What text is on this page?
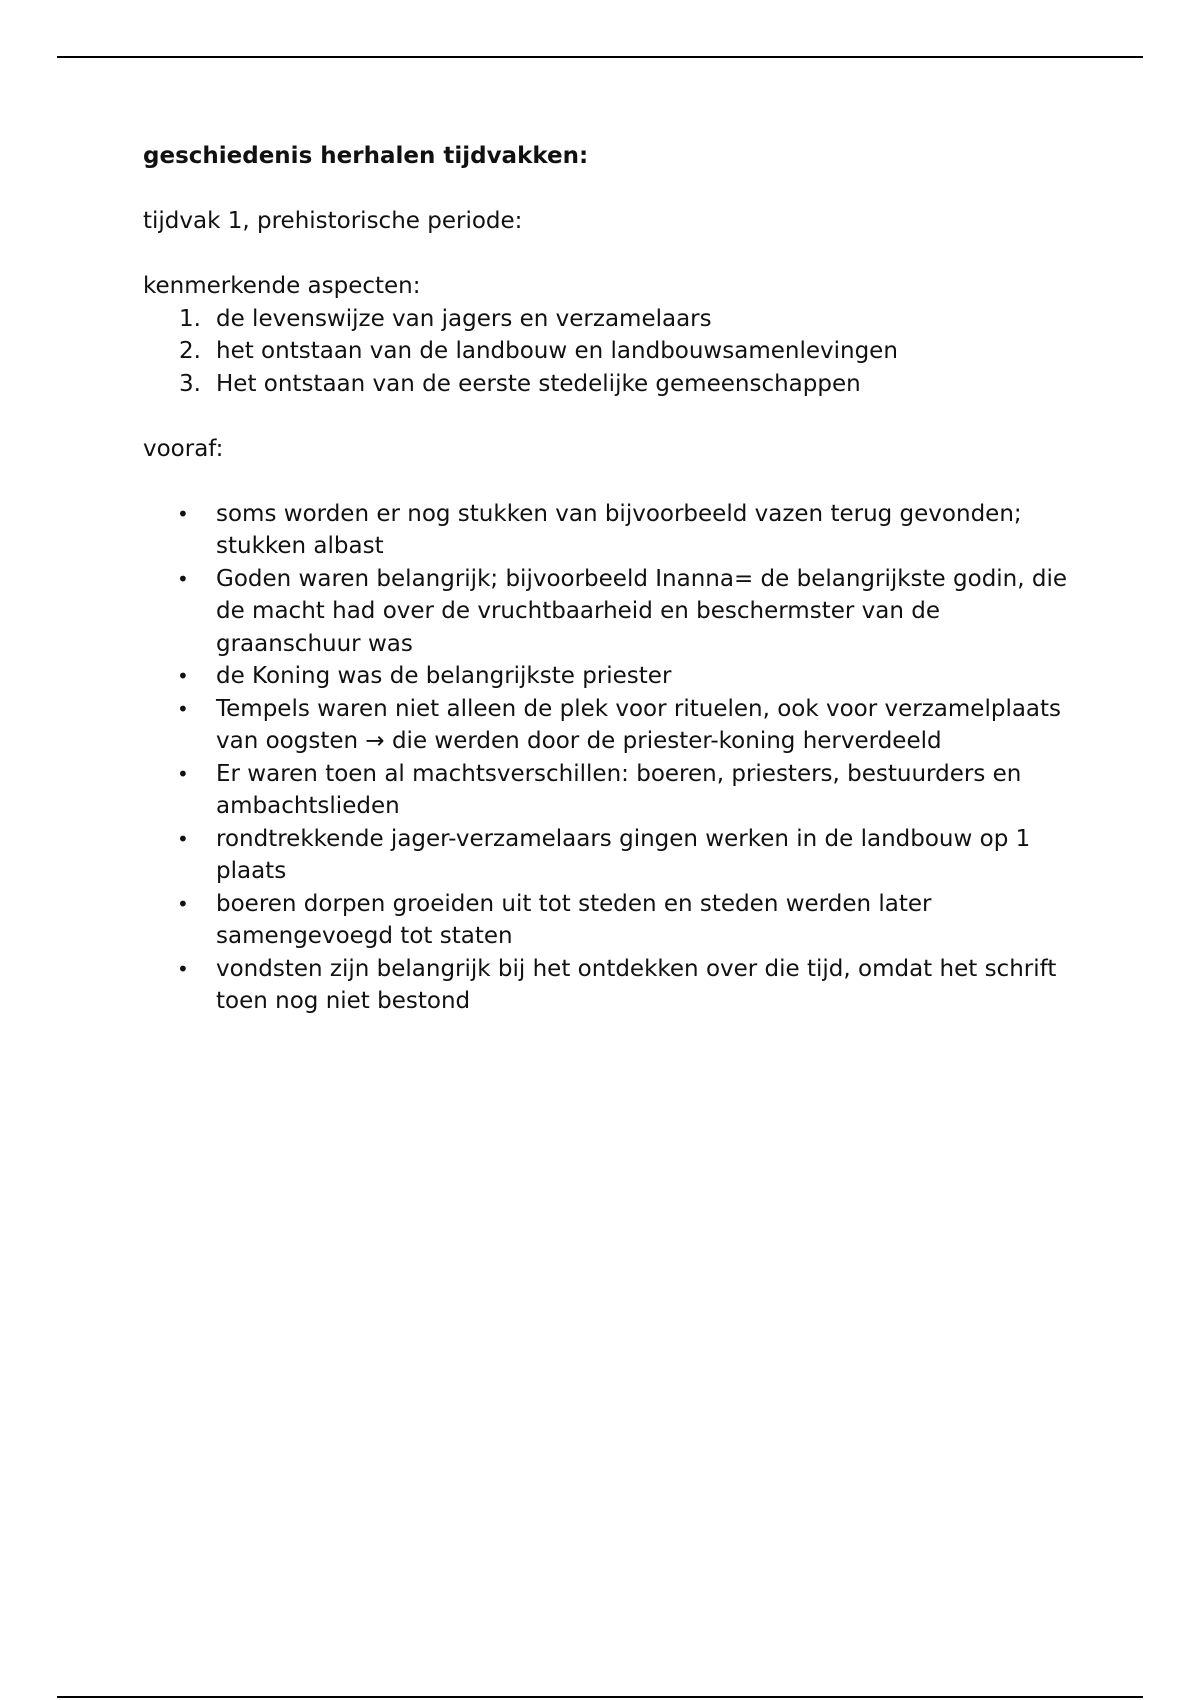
geschiedenis herhalen tijdvakken:

tijdvak 1, prehistorische periode:

kenmerkende aspecten:

1. de levenswijze van jagers en verzamelaars
2. het ontstaan van de landbouw en landbouwsamenlevingen
3. Het ontstaan van de eerste stedelijke gemeenschappen

vooraf:

• soms worden er nog stukken van bijvoorbeeld vazen terug gevonden; stukken albast
• Goden waren belangrijk; bijvoorbeeld Inanna= de belangrijkste godin, die de macht had over de vruchtbaarheid en beschermster van de graanschuur was
• de Koning was de belangrijkste priester
• Tempels waren niet alleen de plek voor rituelen, ook voor verzamelplaats van oogsten → die werden door de priester-koning herverdeeld
• Er waren toen al machtsverschillen: boeren, priesters, bestuurders en ambachtslieden
• rondtrekkende jager-verzamelaars gingen werken in de landbouw op 1 plaats
• boeren dorpen groeiden uit tot steden en steden werden later samengevoegd tot staten
• vondsten zijn belangrijk bij het ontdekken over die tijd, omdat het schrift toen nog niet bestond
